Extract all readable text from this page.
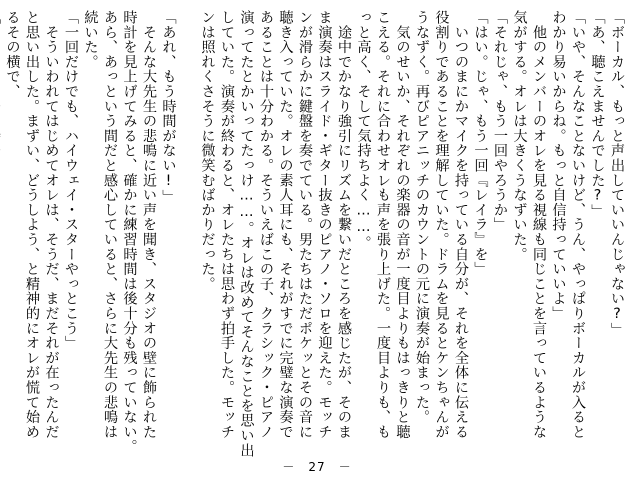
「ボーカル、もっと声出していいんじゃない?」
「あ、聴こえませんでした?」
「いや、そんなことないけど、うん、やっぱりボーカルが入ると
わかり易いからね。もっと自信持っていいよ」
　他のメンバーのオレを見る視線も同じことを言っているような
気がする。オレは大きくうなずいた。
「それじゃ、もう一回やろうか」
「はい。じゃ、もう一回『レイラ』を」
　いつのまにかマイクを持っている自分が、それを全体に伝える
役割りであることを理解していた。ドラムを見るとケンちゃんが
うなずく。再びピアニッチのカウントの元に演奏が始まった。
　気のせいか、それぞれの楽器の音が一度目よりもはっきりと聴
こえる。それに合わせオレも声を張り上げた。一度目よりも、も
っと高く、そして気持ちよく……。
　途中でかなり強引にリズムを繋いだところを感じたが、そのま
ま演奏はスライド・ギター抜きのピアノ・ソロを迎えた。モッチ
ンが滑らかに鍵盤を奏でている。男たちはただポケッとその音に
聴き入っていた。オレの素人耳にも、それがすでに完璧な演奏で
あることは十分わかる。そういえばこの子、クラシック・ピアノ
演ってたとかいってたっけ……。オレは改めてそんなことを思い出
していた。演奏が終わると、オレたちは思わず拍手した。モッチ
ンは照れくさそうに微笑むばかりだった。

「あれ、もう時間がない!」
　そんな大先生の悲鳴に近い声を聞き、スタジオの壁に飾られた
時計を見上げてみると、確かに練習時間は後十分も残っていない。
あら、あっという間だと感心していると、さらに大先生の悲鳴は
続いた。
「一回だけでも、ハイウェイ・スターやっとこう」
　そういわれてはじめてオレは、そうだ、まだそれが在ったんだ
と思い出した。まずい、どうしよう、と精神的にオレが慌て始め
るその横で、
－　27　－
